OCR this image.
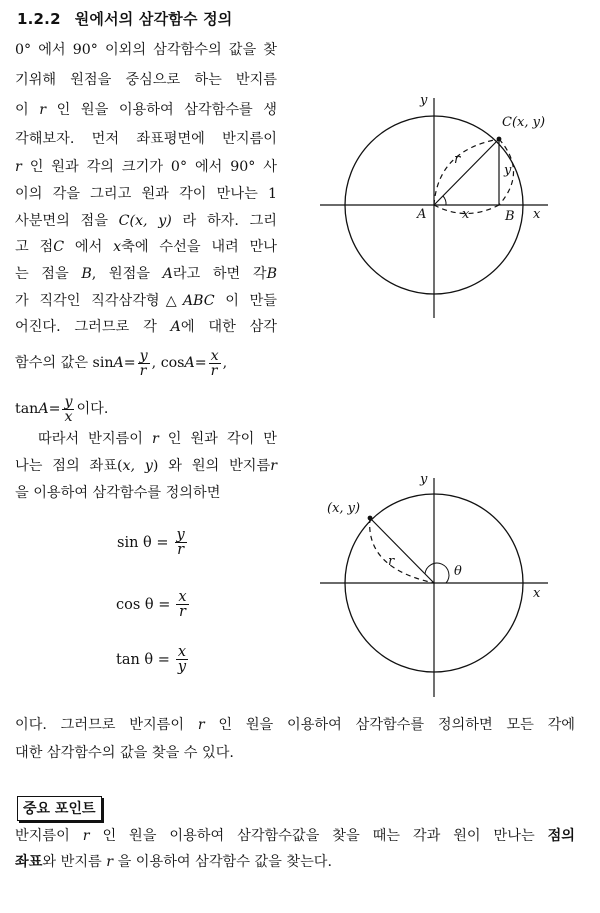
1.2.2 원에서의 삼각함수 정의
0° 에서 90° 이외의 삼각함수의 값을 찾
기위해 원점을 중심으로 하는 반지름
이 r 인 원을 이용하여 삼각함수를 생
각해보자. 먼저 좌표평면에 반지름이
r 인 원과 각의 크기가 0° 에서 90° 사
이의 각을 그리고 원과 각이 만나는 1
사분면의 점을 C(x, y) 라 하자. 그리
고 점C 에서 x축에 수선을 내려 만나
는 점을 B, 원점을 A라고 하면 각B
가 직각인 직각삼각형△ABC 이 만들
어진다. 그러므로 각 A에 대한 삼각
함수의 값은 $\sin A = \frac{y}{r}$ , $\cos A = \frac{x}{r}$ ,
$\tan A = \frac{y}{x}$ 이다.
따라서 반지름이 r 인 원과 각이 만
나는 점의 좌표(x, y) 와 원의 반지름r
을 이용하여 삼각함수를 정의하면
$\sin \theta = \frac{y}{r}$
$\cos \theta = \frac{x}{r}$
$\tan \theta = \frac{x}{y}$
이다. 그러므로 반지름이 r 인 원을 이용하여 삼각함수를 정의하면 모든 각에
대한 삼각함수의 값을 찾을 수 있다.
중요 포인트
반지름이 r 인 원을 이용하여 삼각함수값을 찾을 때는 각과 원이 만나는 점의
좌표와 반지름 r 을 이용하여 삼각함수 값을 찾는다.
y
x
C(x, y)
r
y
x
A	B
y
x
(x, y)
r
θ
